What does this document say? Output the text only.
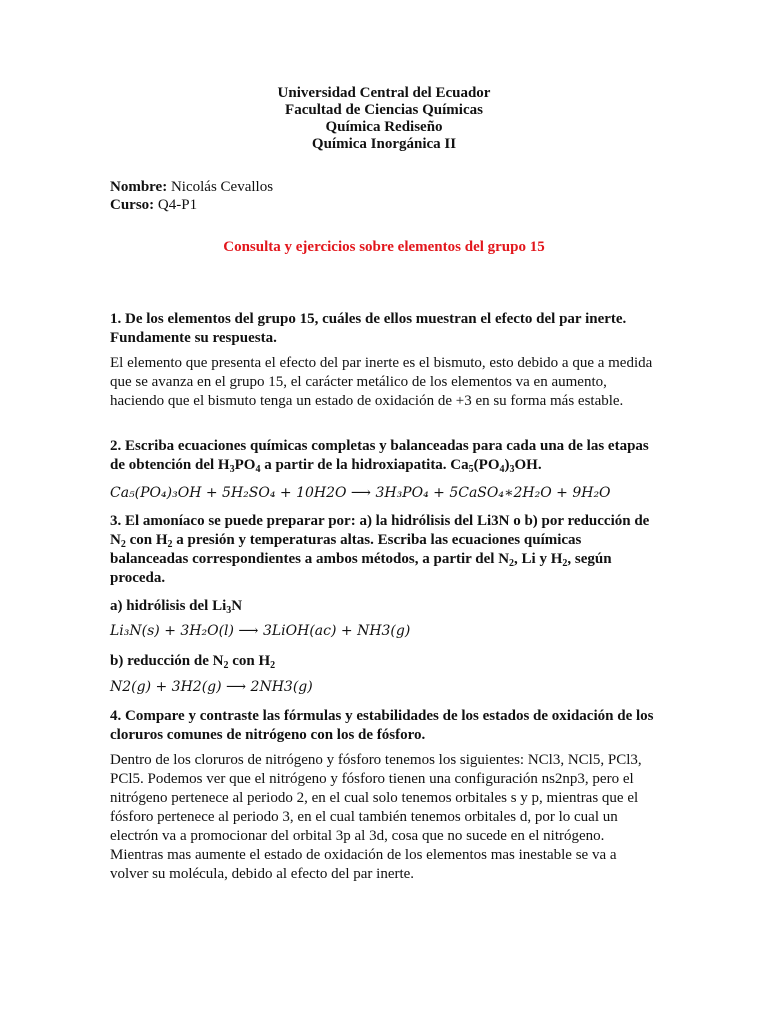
Universidad Central del Ecuador
Facultad de Ciencias Químicas
Química Rediseño
Química Inorgánica II
Nombre: Nicolás Cevallos
Curso: Q4-P1
Consulta y ejercicios sobre elementos del grupo 15
1. De los elementos del grupo 15, cuáles de ellos muestran el efecto del par inerte. Fundamente su respuesta.
El elemento que presenta el efecto del par inerte es el bismuto, esto debido a que a medida que se avanza en el grupo 15, el carácter metálico de los elementos va en aumento, haciendo que el bismuto tenga un estado de oxidación de +3 en su forma más estable.
2. Escriba ecuaciones químicas completas y balanceadas para cada una de las etapas de obtención del $H_3PO_4$ a partir de la hidroxiapatita. $Ca_5(PO_4)_3OH$.
Ca₅(PO₄)₃OH + 5H₂SO₄ + 10H2O ⟶ 3H₃PO₄ + 5CaSO₄∗2H₂O + 9H₂O
3. El amoníaco se puede preparar por: a) la hidrólisis del Li3N o b) por reducción de $N_2$ con $H_2$ a presión y temperaturas altas. Escriba las ecuaciones químicas balanceadas correspondientes a ambos métodos, a partir del $N_2$, Li y $H_2$, según proceda.
a) hidrólisis del $Li_3N$
Li₃N(s) + 3H₂O(l) ⟶ 3LiOH(ac) + NH3(g)
b) reducción de $N_2$ con $H_2$
N2(g) + 3H2(g) ⟶ 2NH3(g)
4. Compare y contraste las fórmulas y estabilidades de los estados de oxidación de los cloruros comunes de nitrógeno con los de fósforo.
Dentro de los cloruros de nitrógeno y fósforo tenemos los siguientes: NCl3, NCl5, PCl3, PCl5. Podemos ver que el nitrógeno y fósforo tienen una configuración ns2np3, pero el nitrógeno pertenece al periodo 2, en el cual solo tenemos orbitales s y p, mientras que el fósforo pertenece al periodo 3, en el cual también tenemos orbitales d, por lo cual un electrón va a promocionar del orbital 3p al 3d, cosa que no sucede en el nitrógeno. Mientras mas aumente el estado de oxidación de los elementos mas inestable se va a volver su molécula, debido al efecto del par inerte.
